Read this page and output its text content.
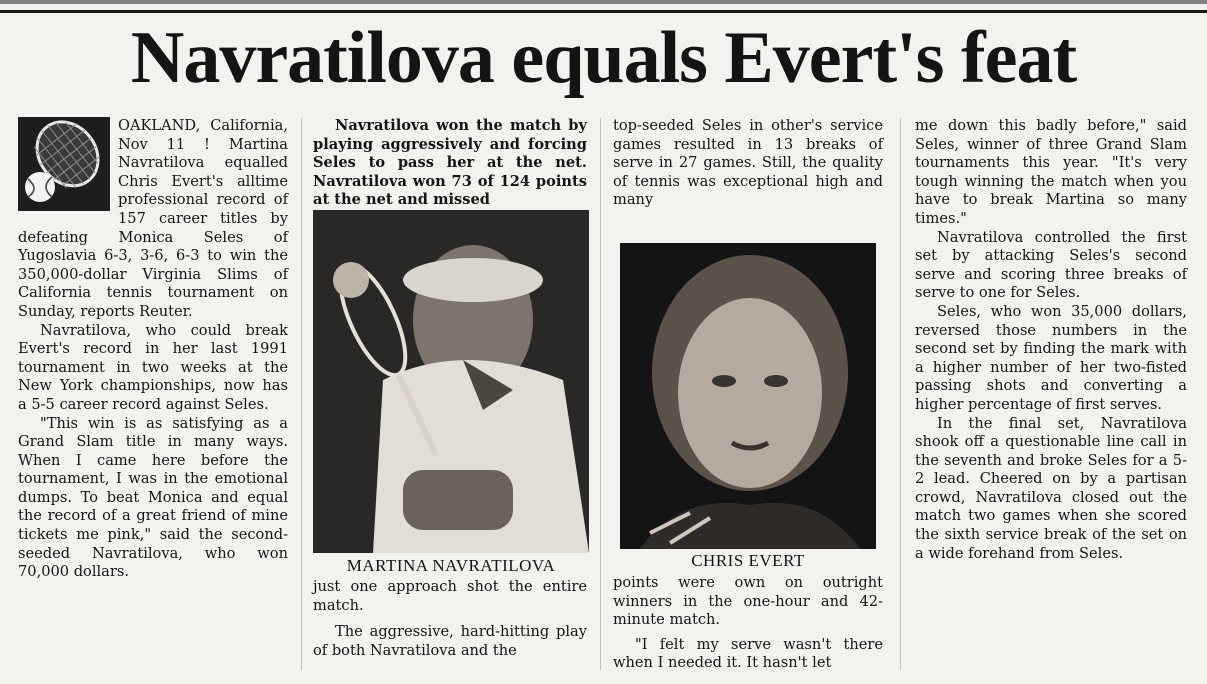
Navratilova equals Evert's feat

OAKLAND, California, Nov 11 ! Martina Navratilova equalled Chris Evert's alltime professional record of 157 career titles by defeating Monica Seles of Yugoslavia 6-3, 3-6, 6-3 to win the 350,000-dollar Virginia Slims of California tennis tournament on Sunday, reports Reuter.

Navratilova, who could break Evert's record in her last 1991 tournament in two weeks at the New York championships, now has a 5-5 career record against Seles.

"This win is as satisfying as a Grand Slam title in many ways. When I came here before the tournament, I was in the emotional dumps. To beat Monica and equal the record of a great friend of mine tickets me pink," said the second-seeded Navratilova, who won 70,000 dollars.

Navratilova won the match by playing aggressively and forcing Seles to pass her at the net. Navratilova won 73 of 124 points at the net and missed

MARTINA NAVRATILOVA

just one approach shot the entire match.

The aggressive, hard-hitting play of both Navratilova and the

top-seeded Seles in other's service games resulted in 13 breaks of serve in 27 games. Still, the quality of tennis was exceptional high and many

CHRIS EVERT

points were own on outright winners in the one-hour and 42-minute match.

"I felt my serve wasn't there when I needed it. It hasn't let

me down this badly before," said Seles, winner of three Grand Slam tournaments this year. "It's very tough winning the match when you have to break Martina so many times."

Navratilova controlled the first set by attacking Seles's second serve and scoring three breaks of serve to one for Seles.

Seles, who won 35,000 dollars, reversed those numbers in the second set by finding the mark with a higher number of her two-fisted passing shots and converting a higher percentage of first serves.

In the final set, Navratilova shook off a questionable line call in the seventh and broke Seles for a 5-2 lead. Cheered on by a partisan crowd, Navratilova closed out the match two games when she scored the sixth service break of the set on a wide forehand from Seles.
